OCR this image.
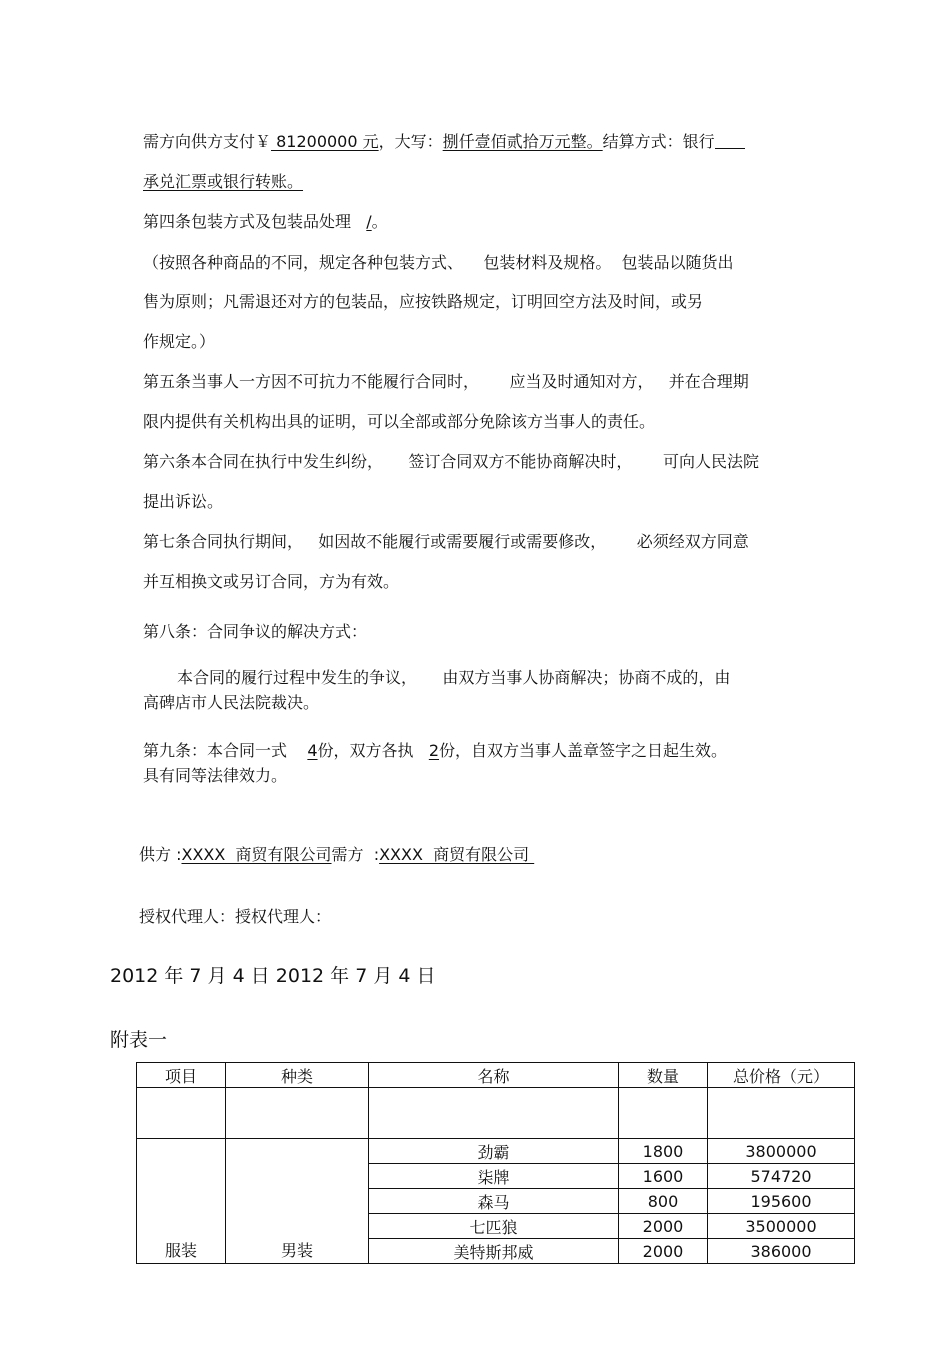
需方向供方支付￥ 81200000 元，大写：捌仟壹佰贰拾万元整。结算方式：银行
承兑汇票或银行转账。
第四条包装方式及包装品处理 /。
（按照各种商品的不同，规定各种包装方式、    包装材料及规格。  包装品以随货出
售为原则；凡需退还对方的包装品，应按铁路规定，订明回空方法及时间，或另
作规定。）
第五条当事人一方因不可抗力不能履行合同时，      应当及时通知对方，   并在合理期
限内提供有关机构出具的证明，可以全部或部分免除该方当事人的责任。
第六条本合同在执行中发生纠纷，     签订合同双方不能协商解决时，      可向人民法院
提出诉讼。
第七条合同执行期间，   如因故不能履行或需要履行或需要修改，      必须经双方同意
并互相换文或另订合同，方为有效。
第八条：合同争议的解决方式：
本合同的履行过程中发生的争议，     由双方当事人协商解决；协商不成的，由
高碑店市人民法院裁决。
第九条：本合同一式 4份，双方各执 2份，自双方当事人盖章签字之日起生效。
具有同等法律效力。
供方 :XXXX  商贸有限公司需方  :XXXX  商贸有限公司
授权代理人：授权代理人：
2012 年 7 月 4 日 2012 年 7 月 4 日
附表一
项目	种类	名称	数量	总价格（元）

服装	男装	劲霸	1800	3800000
		柒牌	1600	574720
		森马	800	195600
		七匹狼	2000	3500000
		美特斯邦威	2000	386000
